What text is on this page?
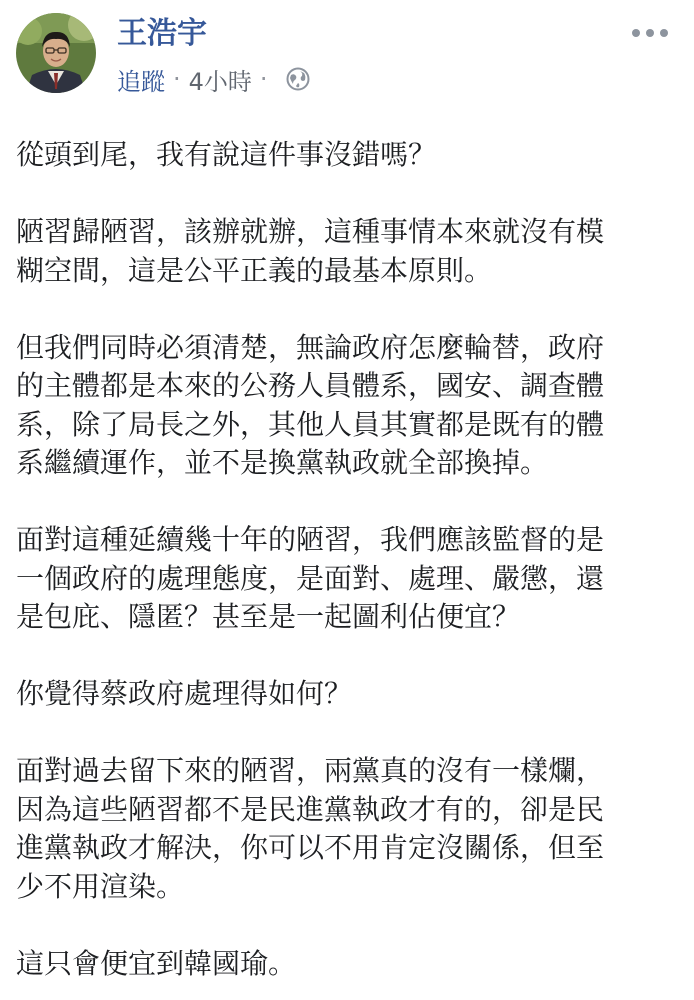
王浩宇
追蹤 · 4小時 ·

從頭到尾，我有說這件事沒錯嗎？

陋習歸陋習，該辦就辦，這種事情本來就沒有模
糊空間，這是公平正義的最基本原則。

但我們同時必須清楚，無論政府怎麼輪替，政府
的主體都是本來的公務人員體系，國安、調查體
系，除了局長之外，其他人員其實都是既有的體
系繼續運作，並不是換黨執政就全部換掉。

面對這種延續幾十年的陋習，我們應該監督的是
一個政府的處理態度，是面對、處理、嚴懲，還
是包庇、隱匿？甚至是一起圖利佔便宜？

你覺得蔡政府處理得如何？

面對過去留下來的陋習，兩黨真的沒有一樣爛，
因為這些陋習都不是民進黨執政才有的，卻是民
進黨執政才解決，你可以不用肯定沒關係，但至
少不用渲染。

這只會便宜到韓國瑜。
